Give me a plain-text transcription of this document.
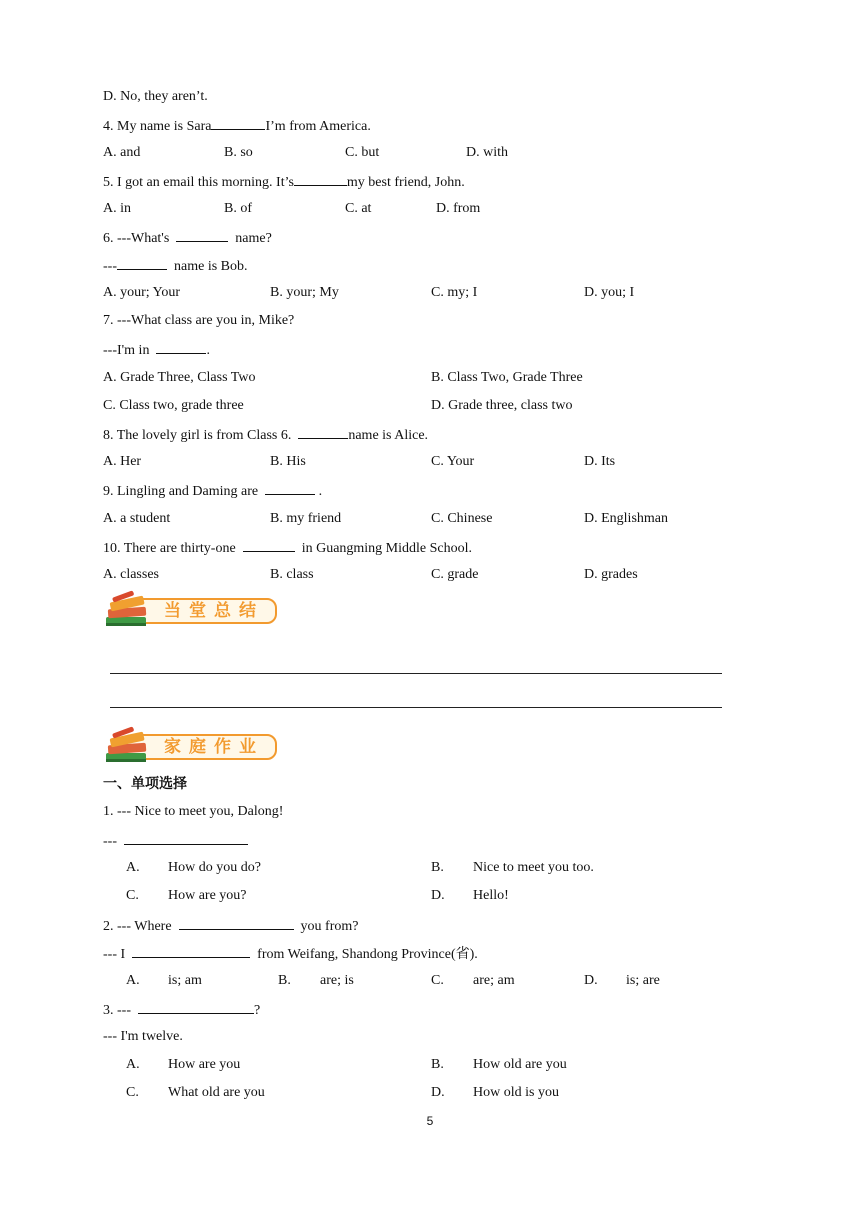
D. No, they aren’t.
4. My name is Sara	I’m from America.
A. and	B. so	C. but	D. with
5. I got an email this morning. It’s	my best friend, John.
A. in	B. of	C. at	D. from
6. ---What's	name?
---	name is Bob.
A. your; Your	B. your; My	C. my; I	D. you; I
7. ---What class are you in, Mike?
---I'm in	.
A. Grade Three, Class Two	B. Class Two, Grade Three
C. Class two, grade three	D. Grade three, class two
8. The lovely girl is from Class 6.	name is Alice.
A. Her	B. His	C. Your	D. Its
9. Lingling and Daming are	.
A. a student	B. my friend	C. Chinese	D. Englishman
10. There are thirty-one	in Guangming Middle School.
A. classes	B. class	C. grade	D. grades
当堂总结
家庭作业
一、单项选择
1. --- Nice to meet you, Dalong!
---
A. How do you do?	B. Nice to meet you too.
C. How are you?	D. Hello!
2. --- Where	you from?
--- I	from Weifang, Shandong Province(省).
A. is; am	B. are; is	C. are; am	D. is; are
3. ---	?
--- I'm twelve.
A. How are you	B. How old are you
C. What old are you	D. How old is you
5
